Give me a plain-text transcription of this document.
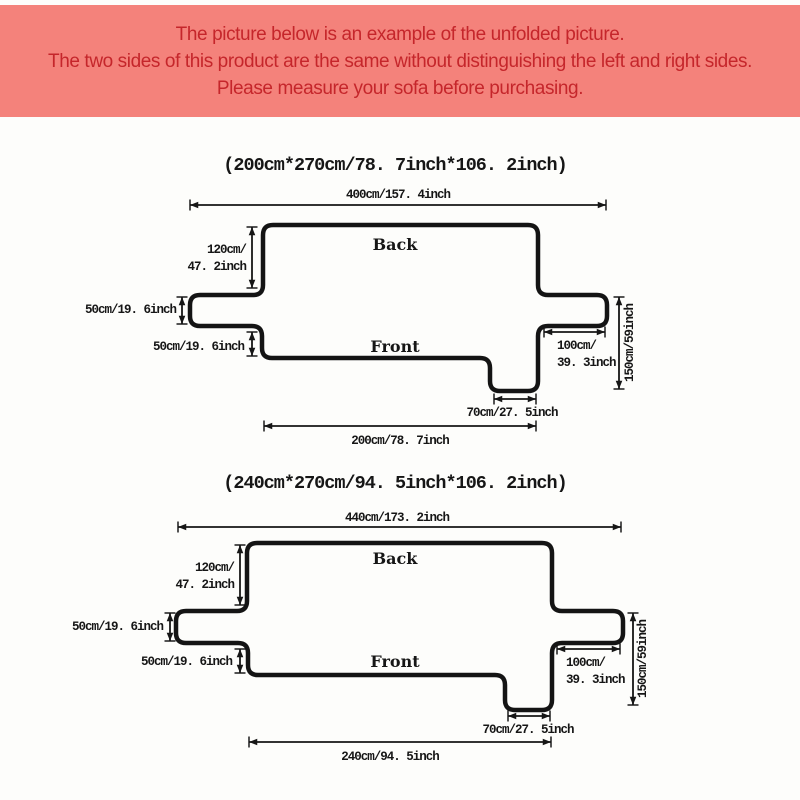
The picture below is an example of the unfolded picture.
The two sides of this product are the same without distinguishing the left and right sides.
Please measure your sofa before purchasing.
(200cm*270cm/78. 7inch*106. 2inch)
400cm/157. 4inch
Back
Front
120cm/
47. 2inch
50cm/19. 6inch
50cm/19. 6inch	100cm/
39. 3inch 150cm/59inch
70cm/27. 5inch
200cm/78. 7inch
(240cm*270cm/94. 5inch*106. 2inch)
440cm/173. 2inch
Back
Front
120cm/
47. 2inch
50cm/19. 6inch
50cm/19. 6inch	100cm/
39. 3inch 150cm/59inch
70cm/27. 5inch
240cm/94. 5inch
